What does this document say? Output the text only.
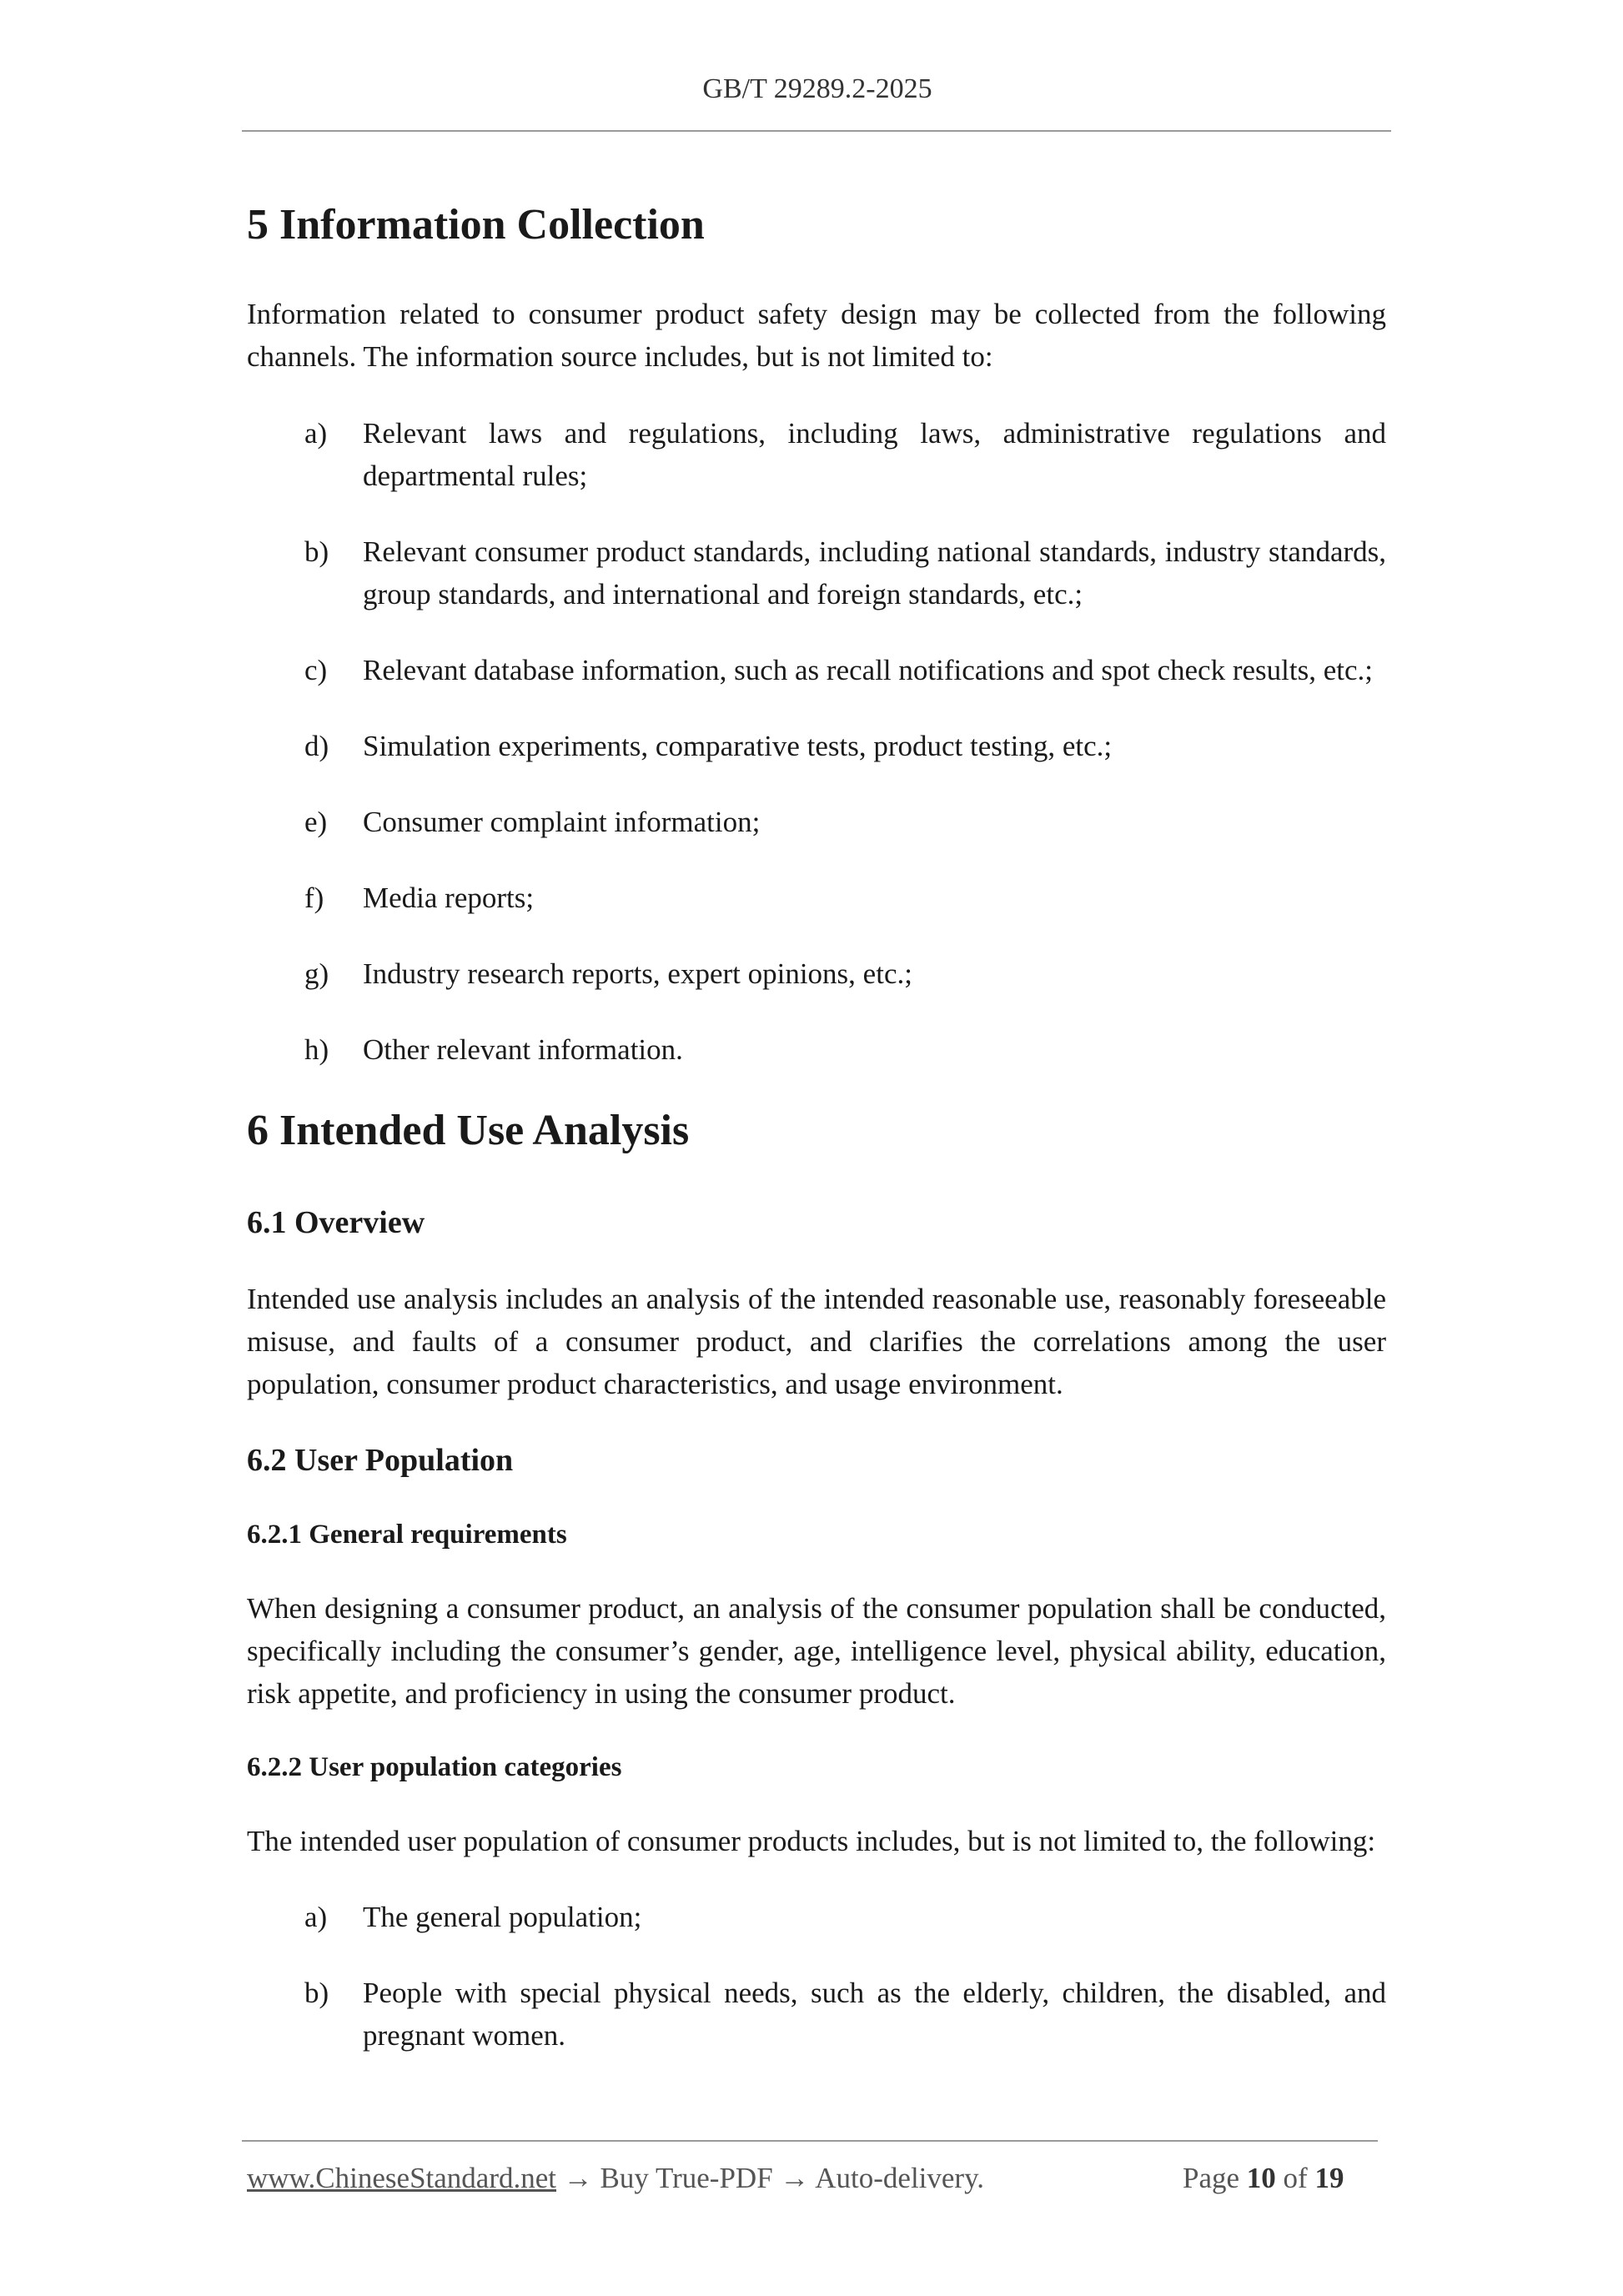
GB/T 29289.2-2025
5 Information Collection

Information related to consumer product safety design may be collected from the following channels. The information source includes, but is not limited to:

a) Relevant laws and regulations, including laws, administrative regulations and departmental rules;
b) Relevant consumer product standards, including national standards, industry standards, group standards, and international and foreign standards, etc.;
c) Relevant database information, such as recall notifications and spot check results, etc.;
d) Simulation experiments, comparative tests, product testing, etc.;
e) Consumer complaint information;
f) Media reports;
g) Industry research reports, expert opinions, etc.;
h) Other relevant information.
6 Intended Use Analysis
6.1 Overview

Intended use analysis includes an analysis of the intended reasonable use, reasonably foreseeable misuse, and faults of a consumer product, and clarifies the correlations among the user population, consumer product characteristics, and usage environment.

6.2 User Population
6.2.1 General requirements

When designing a consumer product, an analysis of the consumer population shall be conducted, specifically including the consumer’s gender, age, intelligence level, physical ability, education, risk appetite, and proficiency in using the consumer product.

6.2.2 User population categories

The intended user population of consumer products includes, but is not limited to, the following:

a) The general population;
b) People with special physical needs, such as the elderly, children, the disabled, and pregnant women.
www.ChineseStandard.net → Buy True-PDF → Auto-delivery.	Page 10 of 19
